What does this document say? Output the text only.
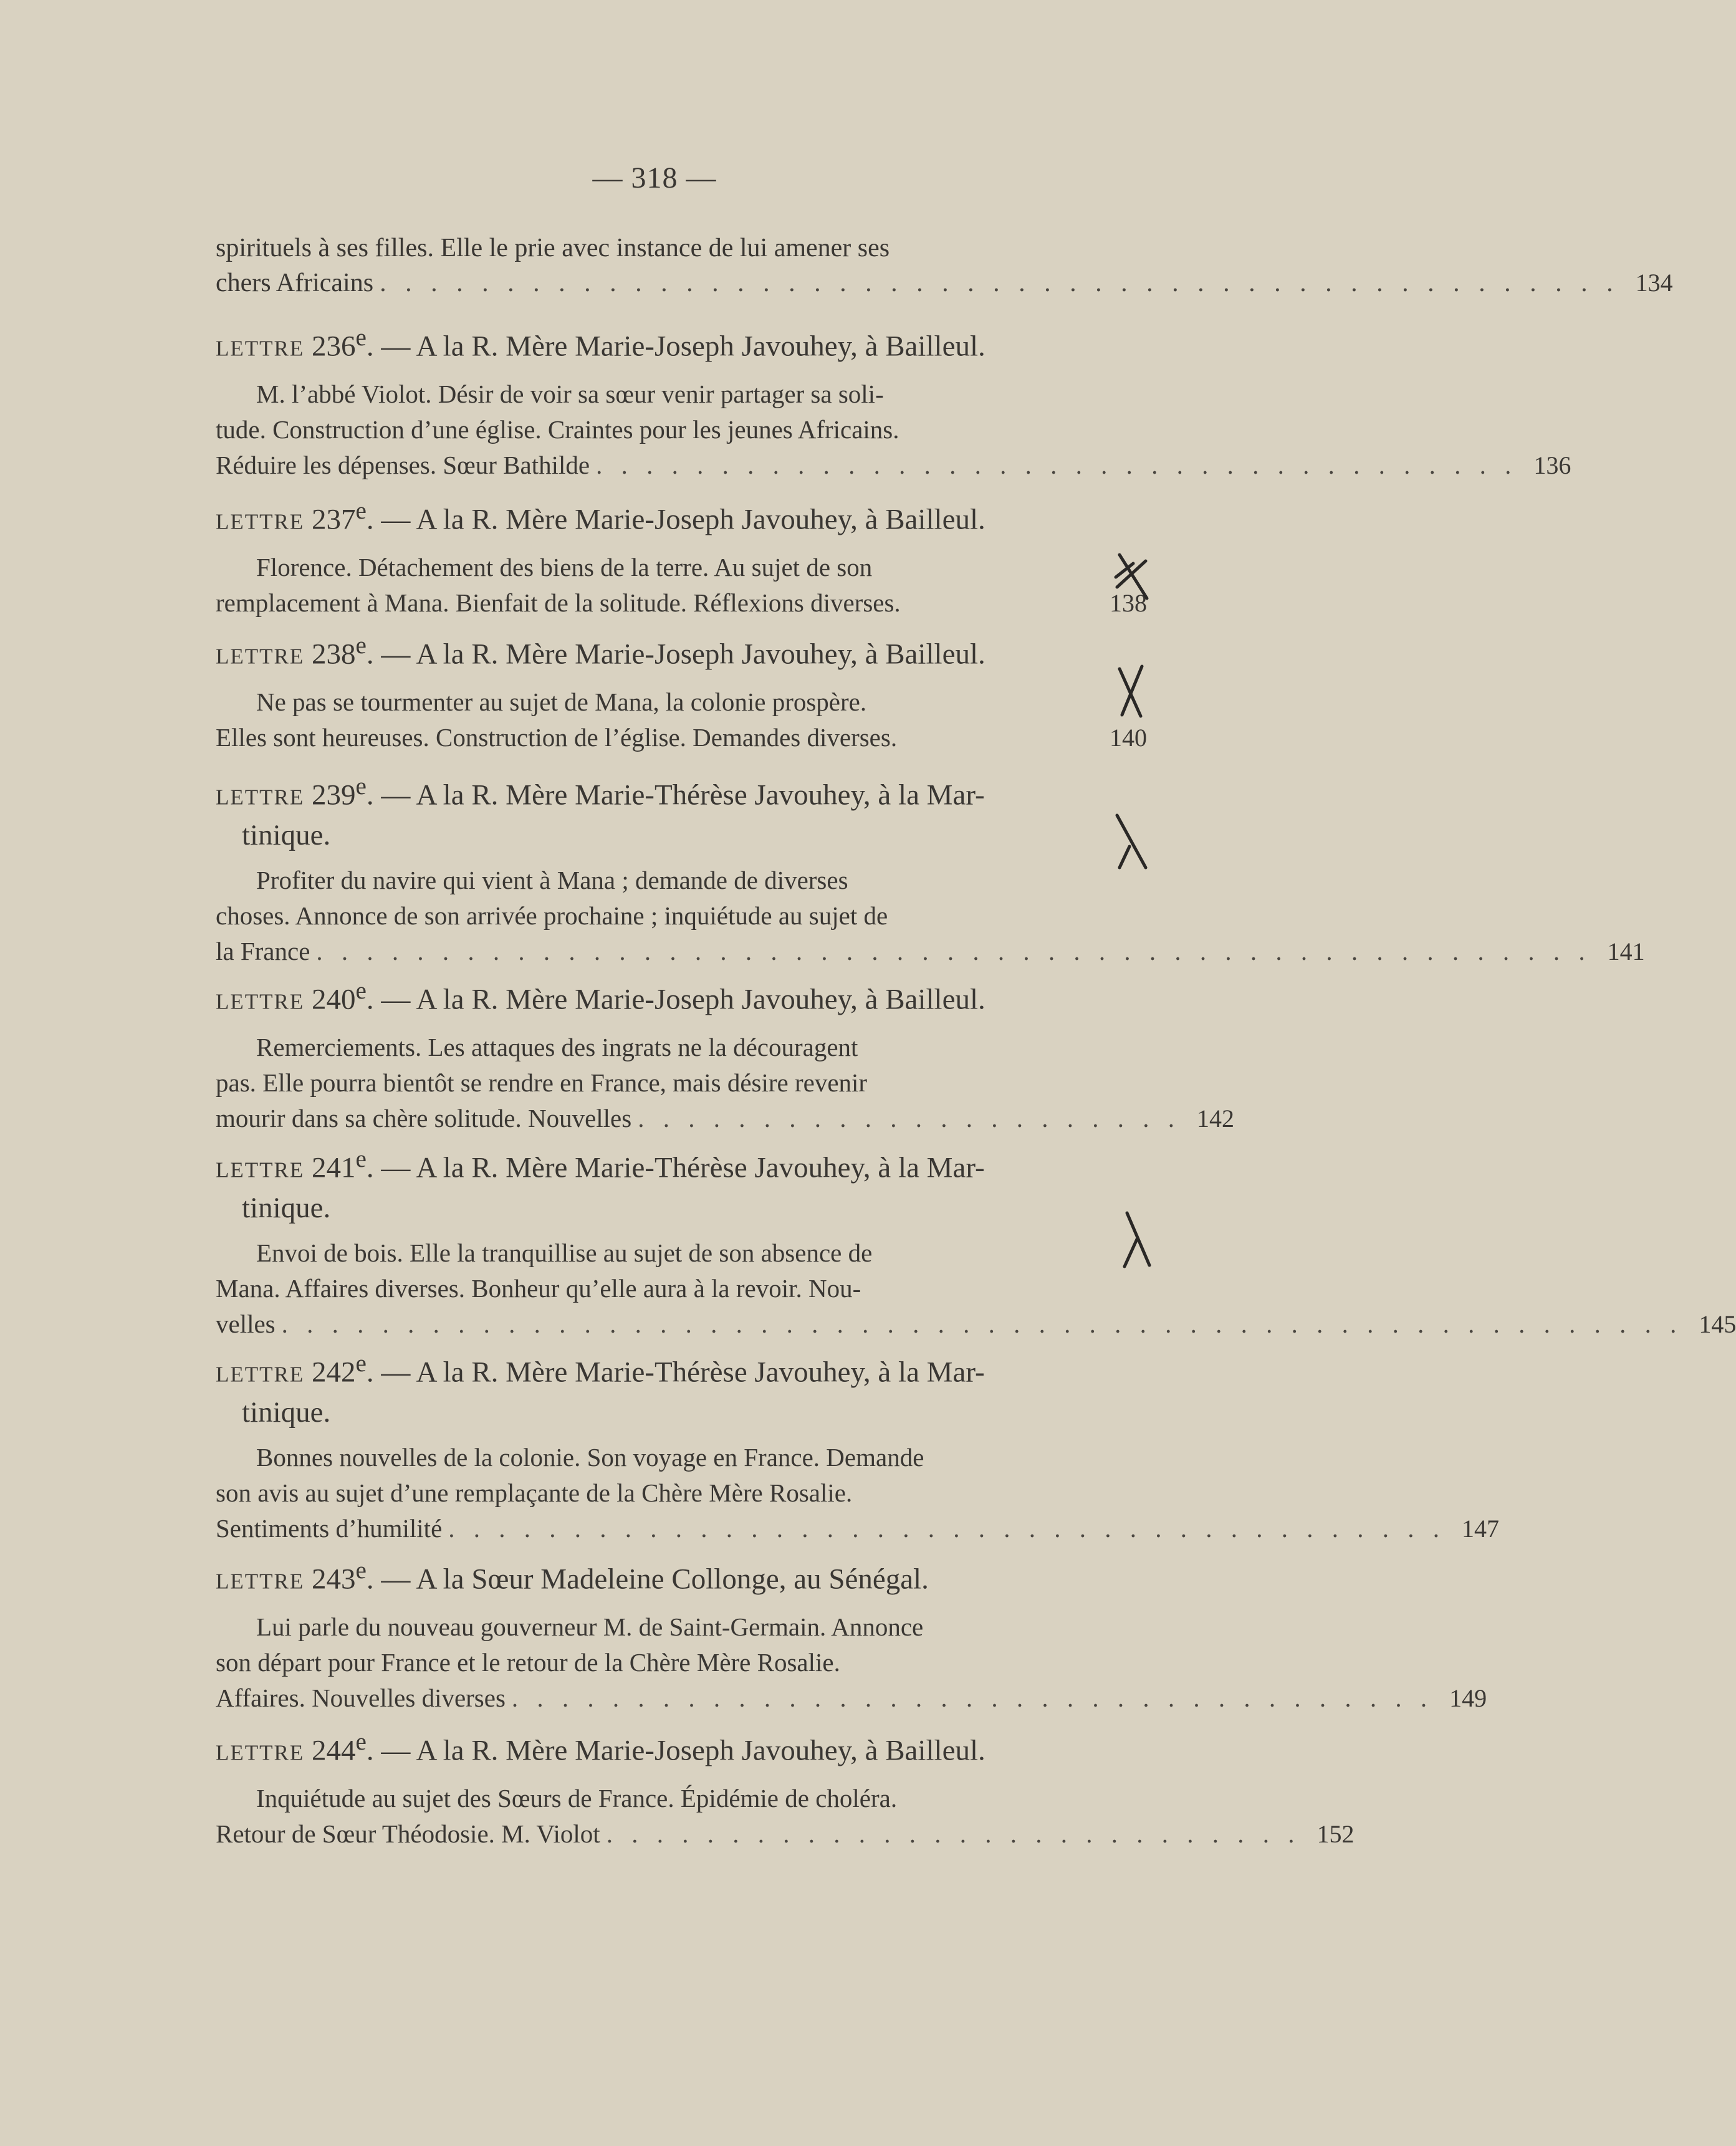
— 318 —
spirituels à ses filles. Elle le prie avec instance de lui amener ses
chers Africains . . . . . . . . . . . . . . . . . . . . . . . . . . . . . . . . . . . . . . . . . . . . . . . . . 134
LETTRE 236e. — A la R. Mère Marie-Joseph Javouhey, à Bailleul.
M. l’abbé Violot. Désir de voir sa sœur venir partager sa soli-
tude. Construction d’une église. Craintes pour les jeunes Africains.
Réduire les dépenses. Sœur Bathilde . . . . . . . . . . . . . . . . . . . . . . . . . . . . . . . . . . . . . 136
LETTRE 237e. — A la R. Mère Marie-Joseph Javouhey, à Bailleul.
Florence. Détachement des biens de la terre. Au sujet de son
remplacement à Mana. Bienfait de la solitude. Réflexions diverses.	138
LETTRE 238e. — A la R. Mère Marie-Joseph Javouhey, à Bailleul.
Ne pas se tourmenter au sujet de Mana, la colonie prospère.
Elles sont heureuses. Construction de l’église. Demandes diverses.	140
LETTRE 239e. — A la R. Mère Marie-Thérèse Javouhey, à la Mar-
tinique.
Profiter du navire qui vient à Mana ; demande de diverses
choses. Annonce de son arrivée prochaine ; inquiétude au sujet de
la France . . . . . . . . . . . . . . . . . . . . . . . . . . . . . . . . . . . . . . . . . . . . . . . . . . . 141
LETTRE 240e. — A la R. Mère Marie-Joseph Javouhey, à Bailleul.
Remerciements. Les attaques des ingrats ne la découragent
pas. Elle pourra bientôt se rendre en France, mais désire revenir
mourir dans sa chère solitude. Nouvelles . . . . . . . . . . . . . . . . . . . . . . 142
LETTRE 241e. — A la R. Mère Marie-Thérèse Javouhey, à la Mar-
tinique.
Envoi de bois. Elle la tranquillise au sujet de son absence de
Mana. Affaires diverses. Bonheur qu’elle aura à la revoir. Nou-
velles . . . . . . . . . . . . . . . . . . . . . . . . . . . . . . . . . . . . . . . . . . . . . . . . . . . . . . . . 145
LETTRE 242e. — A la R. Mère Marie-Thérèse Javouhey, à la Mar-
tinique.
Bonnes nouvelles de la colonie. Son voyage en France. Demande
son avis au sujet d’une remplaçante de la Chère Mère Rosalie.
Sentiments d’humilité . . . . . . . . . . . . . . . . . . . . . . . . . . . . . . . . . . . . . . . . 147
LETTRE 243e. — A la Sœur Madeleine Collonge, au Sénégal.
Lui parle du nouveau gouverneur M. de Saint-Germain. Annonce
son départ pour France et le retour de la Chère Mère Rosalie.
Affaires. Nouvelles diverses . . . . . . . . . . . . . . . . . . . . . . . . . . . . . . . . . . . . . 149
LETTRE 244e. — A la R. Mère Marie-Joseph Javouhey, à Bailleul.
Inquiétude au sujet des Sœurs de France. Épidémie de choléra.
Retour de Sœur Théodosie. M. Violot . . . . . . . . . . . . . . . . . . . . . . . . . . . . 152
